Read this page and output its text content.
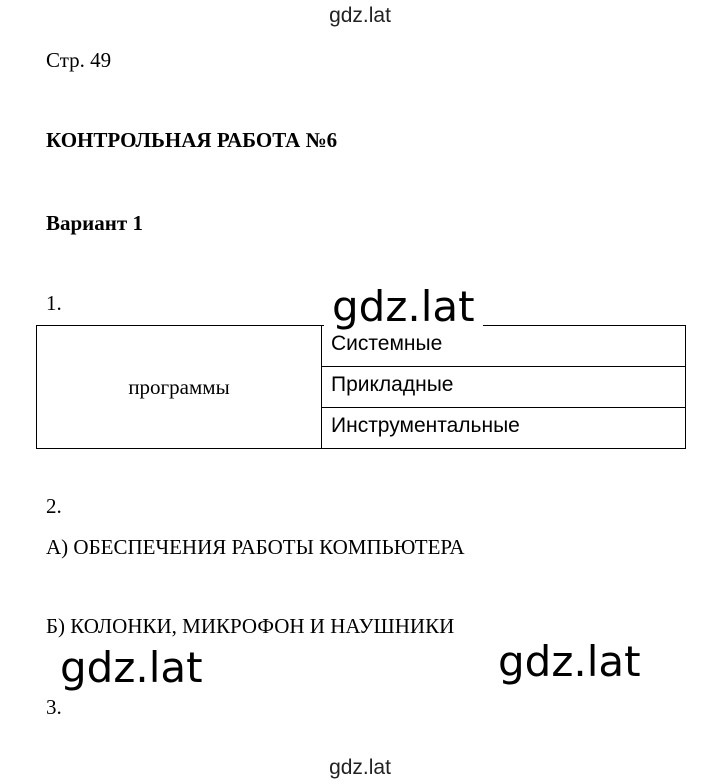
gdz.lat
Стр. 49
КОНТРОЛЬНАЯ РАБОТА №6
Вариант 1
1.
программы
Системные
Прикладные
Инструментальные
gdz.lat
2.
А) ОБЕСПЕЧЕНИЯ РАБОТЫ КОМПЬЮТЕРА
Б) КОЛОНКИ, МИКРОФОН И НАУШНИКИ
3.
gdz.lat	gdz.lat
gdz.lat
